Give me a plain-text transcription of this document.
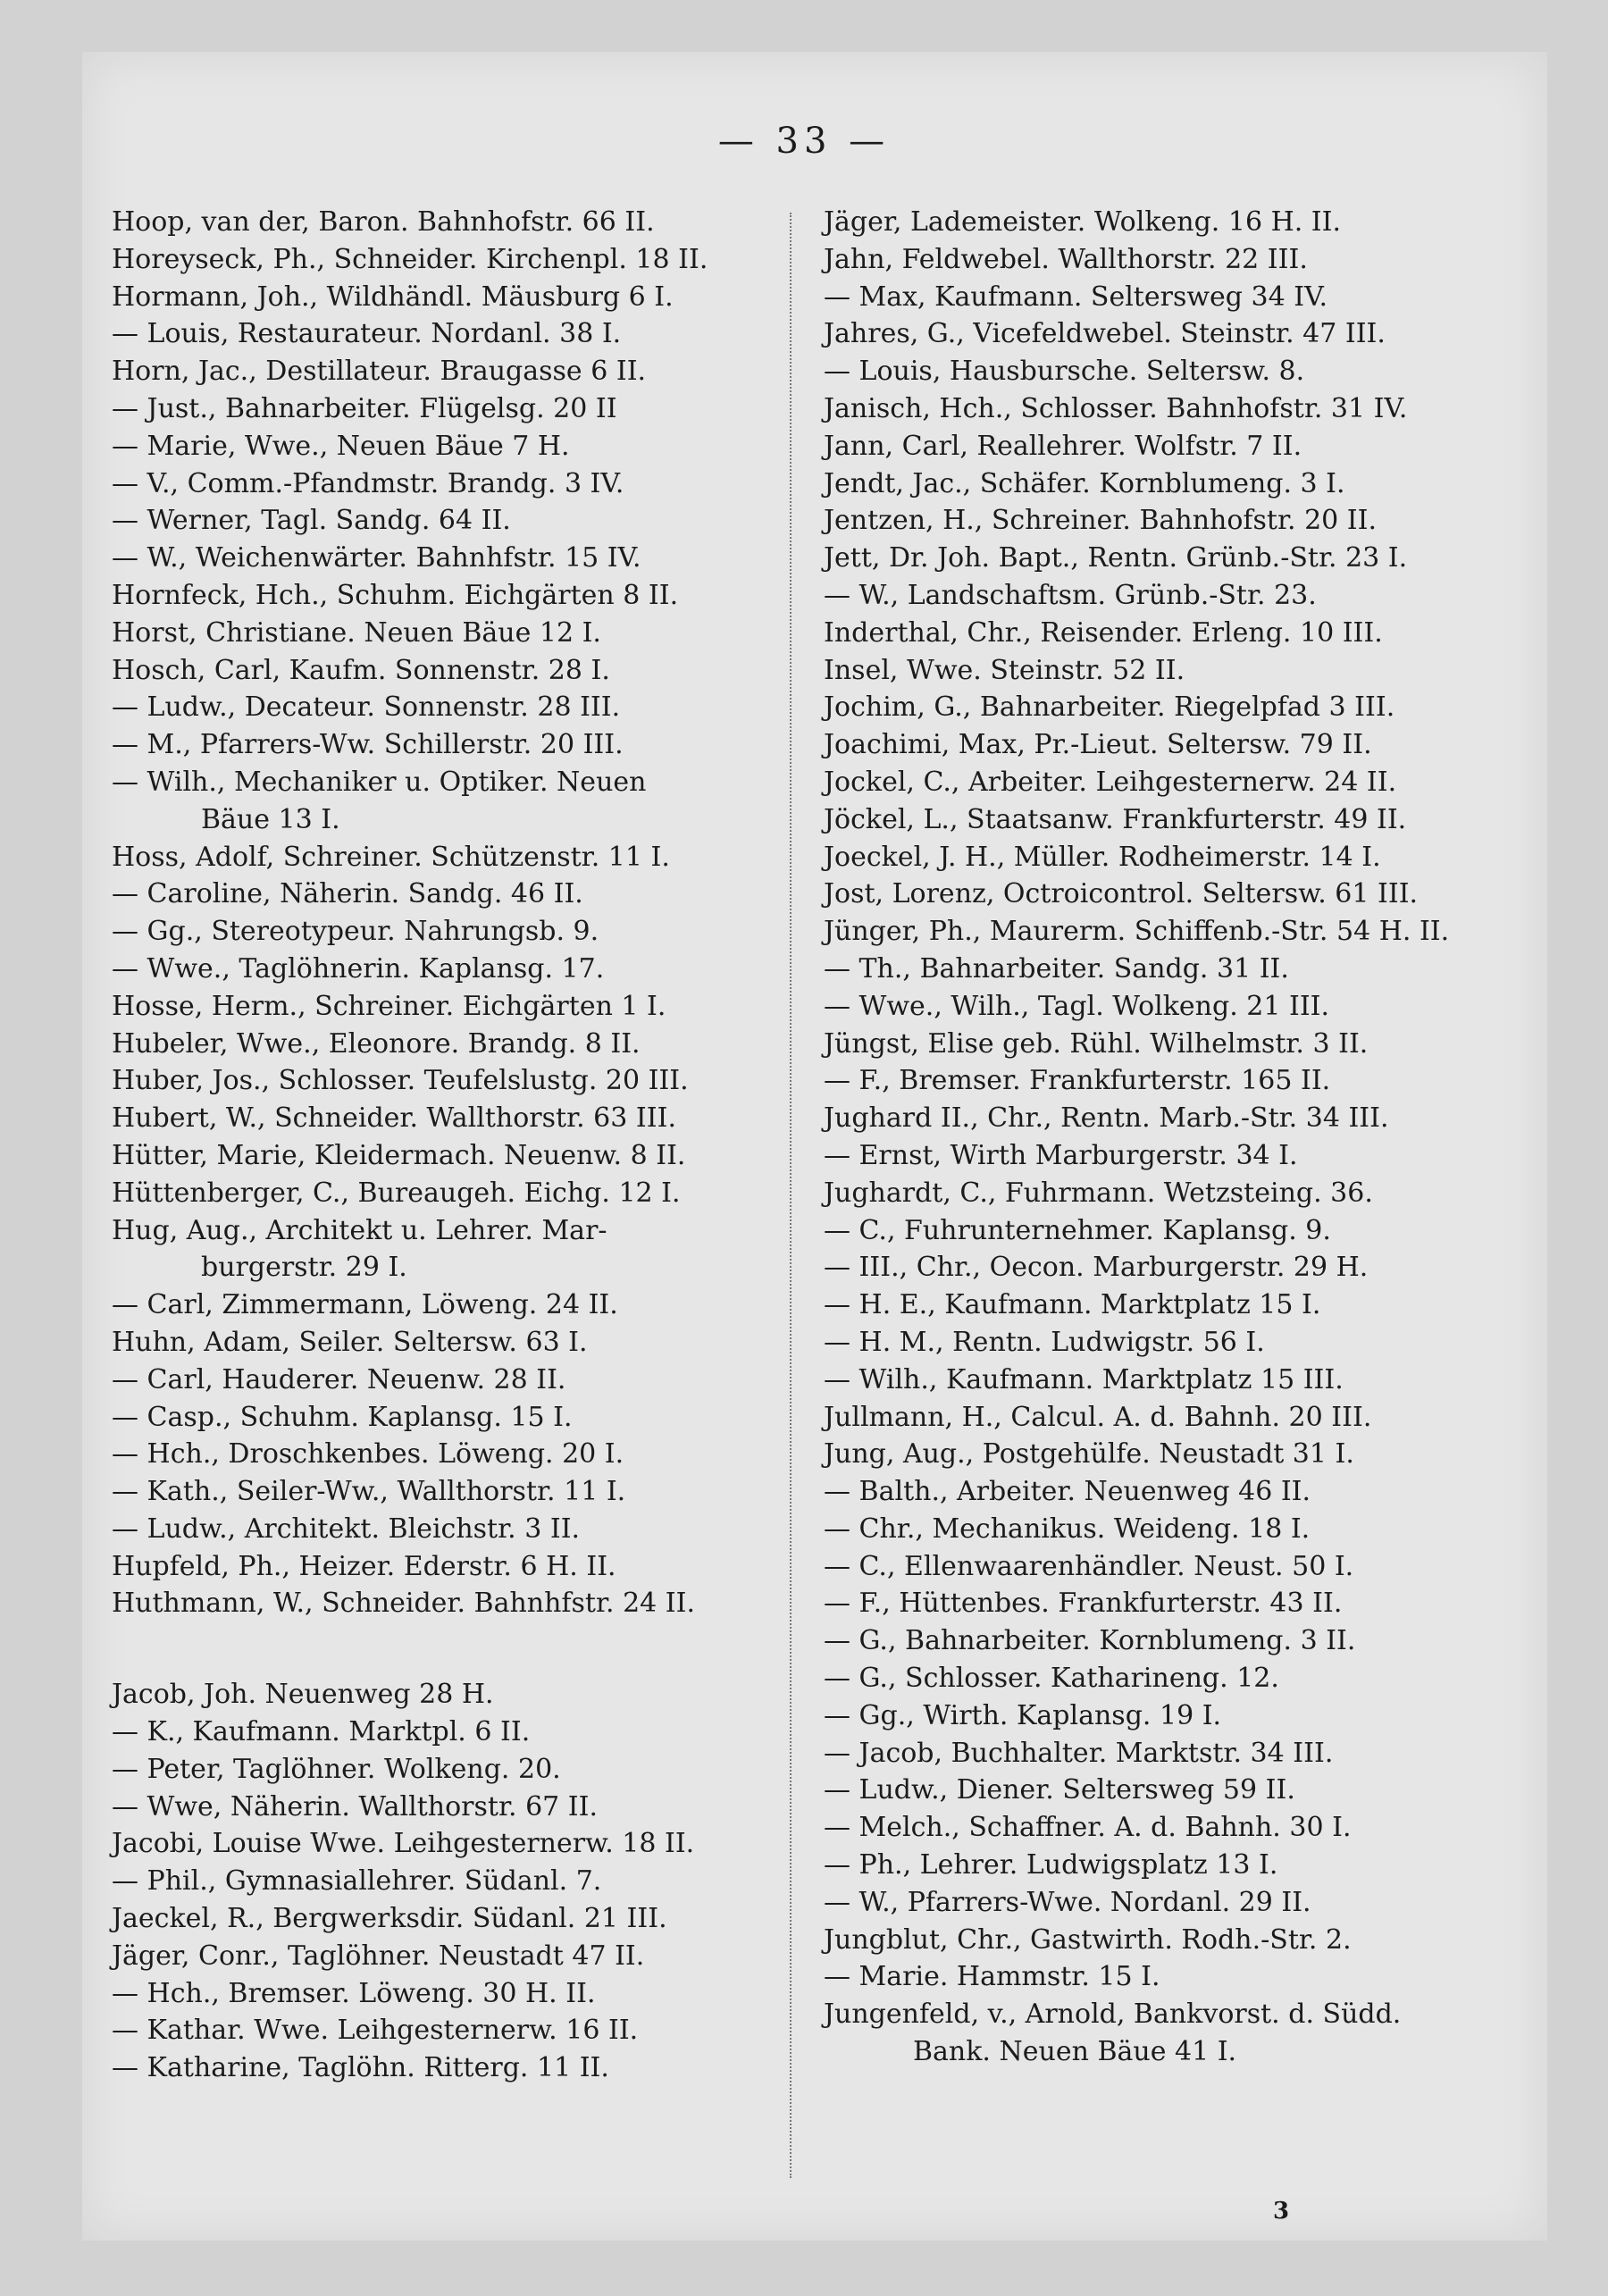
— 33 —

Hoop, van der, Baron. Bahnhofstr. 66 II.

Horeyseck, Ph., Schneider. Kirchenpl. 18 II.

Hormann, Joh., Wildhändl. Mäusburg 6 I.

— Louis, Restaurateur. Nordanl. 38 I.

Horn, Jac., Destillateur. Braugasse 6 II.

— Just., Bahnarbeiter. Flügelsg. 20 II

— Marie, Wwe., Neuen Bäue 7 H.

— V., Comm.-Pfandmstr. Brandg. 3 IV.

— Werner, Tagl. Sandg. 64 II.

— W., Weichenwärter. Bahnhfstr. 15 IV.

Hornfeck, Hch., Schuhm. Eichgärten 8 II.

Horst, Christiane. Neuen Bäue 12 I.

Hosch, Carl, Kaufm. Sonnenstr. 28 I.

— Ludw., Decateur. Sonnenstr. 28 III.

— M., Pfarrers-Ww. Schillerstr. 20 III.

— Wilh., Mechaniker u. Optiker. Neuen

Bäue 13 I.

Hoss, Adolf, Schreiner. Schützenstr. 11 I.

— Caroline, Näherin. Sandg. 46 II.

— Gg., Stereotypeur. Nahrungsb. 9.

— Wwe., Taglöhnerin. Kaplansg. 17.

Hosse, Herm., Schreiner. Eichgärten 1 I.

Hubeler, Wwe., Eleonore. Brandg. 8 II.

Huber, Jos., Schlosser. Teufelslustg. 20 III.

Hubert, W., Schneider. Wallthorstr. 63 III.

Hütter, Marie, Kleidermach. Neuenw. 8 II.

Hüttenberger, C., Bureaugeh. Eichg. 12 I.

Hug, Aug., Architekt u. Lehrer. Mar-

burgerstr. 29 I.

— Carl, Zimmermann, Löweng. 24 II.

Huhn, Adam, Seiler. Seltersw. 63 I.

— Carl, Hauderer. Neuenw. 28 II.

— Casp., Schuhm. Kaplansg. 15 I.

— Hch., Droschkenbes. Löweng. 20 I.

— Kath., Seiler-Ww., Wallthorstr. 11 I.

— Ludw., Architekt. Bleichstr. 3 II.

Hupfeld, Ph., Heizer. Ederstr. 6 H. II.

Huthmann, W., Schneider. Bahnhfstr. 24 II.

Jacob, Joh. Neuenweg 28 H.

— K., Kaufmann. Marktpl. 6 II.

— Peter, Taglöhner. Wolkeng. 20.

— Wwe, Näherin. Wallthorstr. 67 II.

Jacobi, Louise Wwe. Leihgesternerw. 18 II.

— Phil., Gymnasiallehrer. Südanl. 7.

Jaeckel, R., Bergwerksdir. Südanl. 21 III.

Jäger, Conr., Taglöhner. Neustadt 47 II.

— Hch., Bremser. Löweng. 30 H. II.

— Kathar. Wwe. Leihgesternerw. 16 II.

— Katharine, Taglöhn. Ritterg. 11 II.

Jäger, Lademeister. Wolkeng. 16 H. II.

Jahn, Feldwebel. Wallthorstr. 22 III.

— Max, Kaufmann. Seltersweg 34 IV.

Jahres, G., Vicefeldwebel. Steinstr. 47 III.

— Louis, Hausbursche. Seltersw. 8.

Janisch, Hch., Schlosser. Bahnhofstr. 31 IV.

Jann, Carl, Reallehrer. Wolfstr. 7 II.

Jendt, Jac., Schäfer. Kornblumeng. 3 I.

Jentzen, H., Schreiner. Bahnhofstr. 20 II.

Jett, Dr. Joh. Bapt., Rentn. Grünb.-Str. 23 I.

— W., Landschaftsm. Grünb.-Str. 23.

Inderthal, Chr., Reisender. Erleng. 10 III.

Insel, Wwe. Steinstr. 52 II.

Jochim, G., Bahnarbeiter. Riegelpfad 3 III.

Joachimi, Max, Pr.-Lieut. Seltersw. 79 II.

Jockel, C., Arbeiter. Leihgesternerw. 24 II.

Jöckel, L., Staatsanw. Frankfurterstr. 49 II.

Joeckel, J. H., Müller. Rodheimerstr. 14 I.

Jost, Lorenz, Octroicontrol. Seltersw. 61 III.

Jünger, Ph., Maurerm. Schiffenb.-Str. 54 H. II.

— Th., Bahnarbeiter. Sandg. 31 II.

— Wwe., Wilh., Tagl. Wolkeng. 21 III.

Jüngst, Elise geb. Rühl. Wilhelmstr. 3 II.

— F., Bremser. Frankfurterstr. 165 II.

Jughard II., Chr., Rentn. Marb.-Str. 34 III.

— Ernst, Wirth Marburgerstr. 34 I.

Jughardt, C., Fuhrmann. Wetzsteing. 36.

— C., Fuhrunternehmer. Kaplansg. 9.

— III., Chr., Oecon. Marburgerstr. 29 H.

— H. E., Kaufmann. Marktplatz 15 I.

— H. M., Rentn. Ludwigstr. 56 I.

— Wilh., Kaufmann. Marktplatz 15 III.

Jullmann, H., Calcul. A. d. Bahnh. 20 III.

Jung, Aug., Postgehülfe. Neustadt 31 I.

— Balth., Arbeiter. Neuenweg 46 II.

— Chr., Mechanikus. Weideng. 18 I.

— C., Ellenwaarenhändler. Neust. 50 I.

— F., Hüttenbes. Frankfurterstr. 43 II.

— G., Bahnarbeiter. Kornblumeng. 3 II.

— G., Schlosser. Katharineng. 12.

— Gg., Wirth. Kaplansg. 19 I.

— Jacob, Buchhalter. Marktstr. 34 III.

— Ludw., Diener. Seltersweg 59 II.

— Melch., Schaffner. A. d. Bahnh. 30 I.

— Ph., Lehrer. Ludwigsplatz 13 I.

— W., Pfarrers-Wwe. Nordanl. 29 II.

Jungblut, Chr., Gastwirth. Rodh.-Str. 2.

— Marie. Hammstr. 15 I.

Jungenfeld, v., Arnold, Bankvorst. d. Südd.

Bank. Neuen Bäue 41 I.

3
